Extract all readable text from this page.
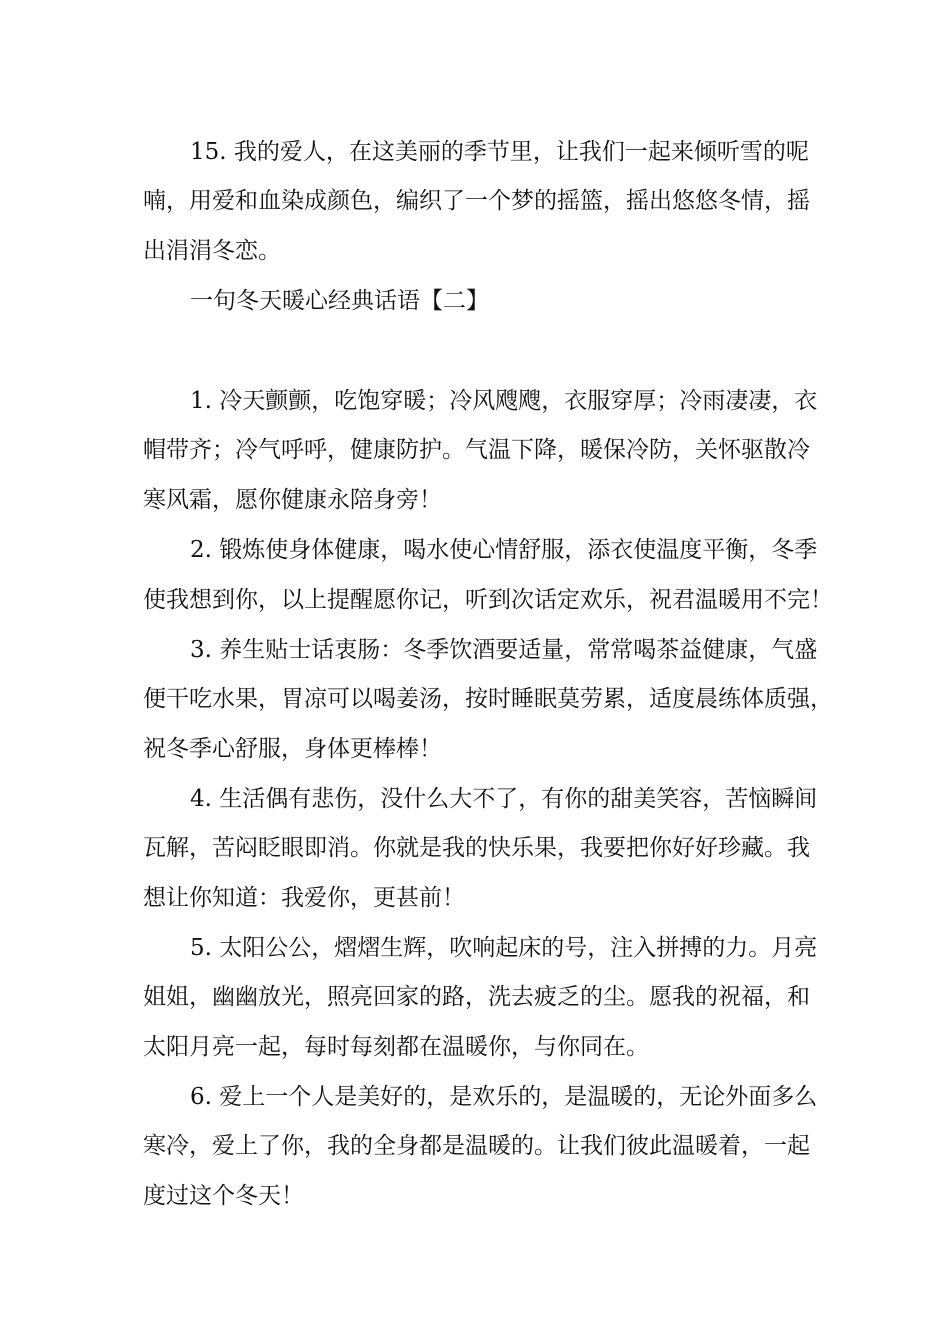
15. 我的爱人，在这美丽的季节里，让我们一起来倾听雪的呢

喃，用爱和血染成颜色，编织了一个梦的摇篮，摇出悠悠冬情，摇

出涓涓冬恋。

一句冬天暖心经典话语【二】

1. 冷天颤颤，吃饱穿暖；冷风飕飕，衣服穿厚；冷雨凄凄，衣

帽带齐；冷气呼呼，健康防护。气温下降，暖保冷防，关怀驱散冷

寒风霜，愿你健康永陪身旁！

2. 锻炼使身体健康，喝水使心情舒服，添衣使温度平衡，冬季

使我想到你，以上提醒愿你记，听到次话定欢乐，祝君温暖用不完！

3. 养生贴士话衷肠：冬季饮酒要适量，常常喝茶益健康，气盛

便干吃水果，胃凉可以喝姜汤，按时睡眠莫劳累，适度晨练体质强，

祝冬季心舒服，身体更棒棒！

4. 生活偶有悲伤，没什么大不了，有你的甜美笑容，苦恼瞬间

瓦解，苦闷眨眼即消。你就是我的快乐果，我要把你好好珍藏。我

想让你知道：我爱你，更甚前！

5. 太阳公公，熠熠生辉，吹响起床的号，注入拼搏的力。月亮

姐姐，幽幽放光，照亮回家的路，洗去疲乏的尘。愿我的祝福，和

太阳月亮一起，每时每刻都在温暖你，与你同在。

6. 爱上一个人是美好的，是欢乐的，是温暖的，无论外面多么

寒冷，爱上了你，我的全身都是温暖的。让我们彼此温暖着，一起

度过这个冬天！
